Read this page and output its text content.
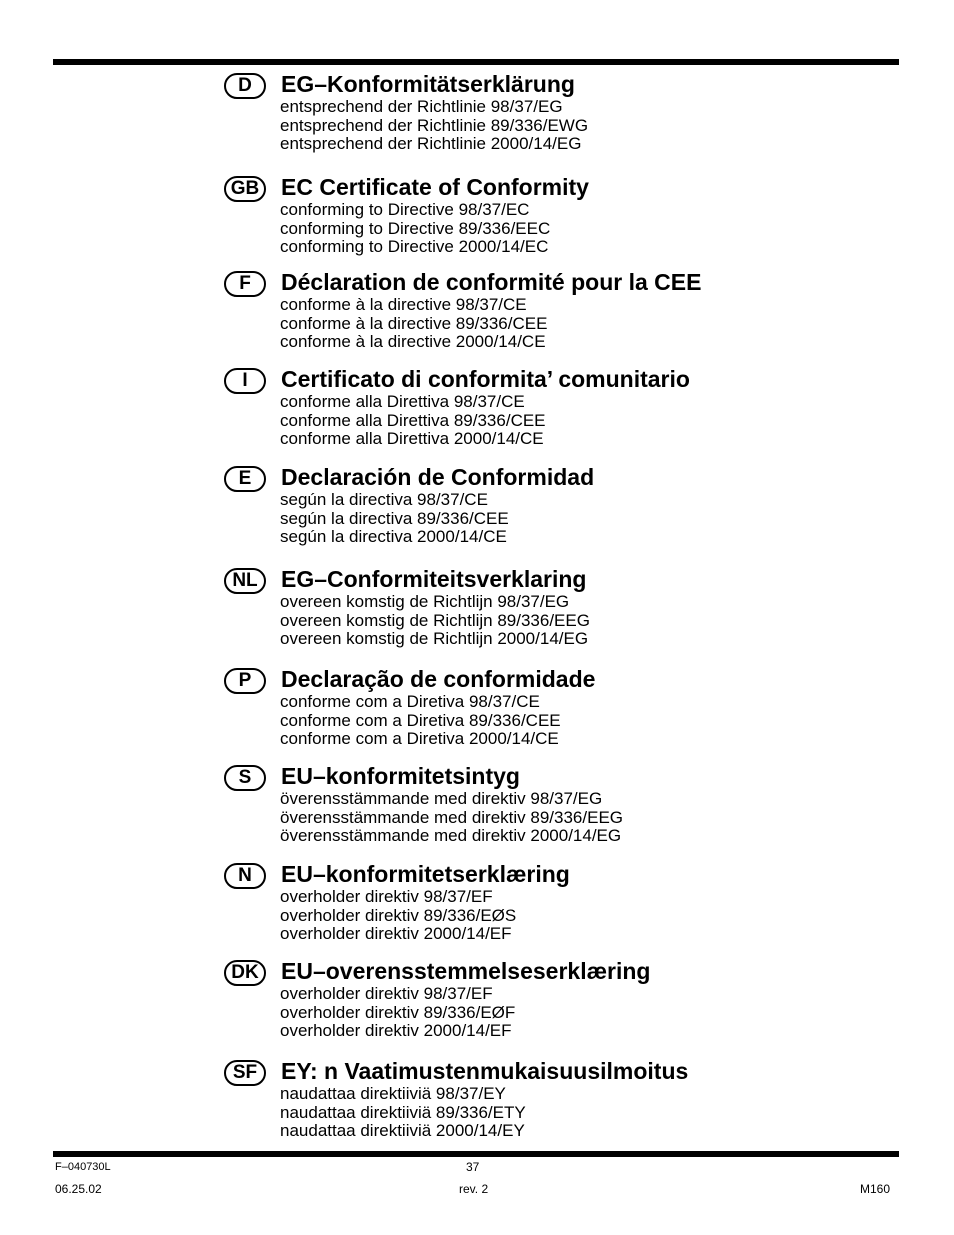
D	EG–Konformitätserklärung
entsprechend der Richtlinie 98/37/EG
entsprechend der Richtlinie 89/336/EWG
entsprechend der Richtlinie 2000/14/EG
GB EC Certificate of Conformity
conforming to Directive 98/37/EC
conforming to Directive 89/336/EEC
conforming to Directive 2000/14/EC
F	Déclaration de conformité pour la CEE
conforme à la directive 98/37/CE
conforme à la directive 89/336/CEE
conforme à la directive 2000/14/CE
I	Certificato di conformita’ comunitario
conforme alla Direttiva 98/37/CE
conforme alla Direttiva 89/336/CEE
conforme alla Direttiva 2000/14/CE
E	Declaración de Conformidad
según la directiva 98/37/CE
según la directiva 89/336/CEE
según la directiva 2000/14/CE
NL	EG–Conformiteitsverklaring
overeen komstig de Richtlijn 98/37/EG
overeen komstig de Richtlijn 89/336/EEG
overeen komstig de Richtlijn 2000/14/EG
P	Declaração de conformidade
conforme com a Diretiva 98/37/CE
conforme com a Diretiva 89/336/CEE
conforme com a Diretiva 2000/14/CE
S	EU–konformitetsintyg
överensstämmande med direktiv 98/37/EG
överensstämmande med direktiv 89/336/EEG
överensstämmande med direktiv 2000/14/EG
N	EU–konformitetserklæring
overholder direktiv 98/37/EF
overholder direktiv 89/336/EØS
overholder direktiv 2000/14/EF
DK EU–overensstemmelseserklæring
overholder direktiv 98/37/EF
overholder direktiv 89/336/EØF
overholder direktiv 2000/14/EF
SF	EY: n Vaatimustenmukaisuusilmoitus
naudattaa direktiiviä 98/37/EY
naudattaa direktiiviä 89/336/ETY
naudattaa direktiiviä 2000/14/EY
F–040730L
06.25.02
37
rev. 2	M160
